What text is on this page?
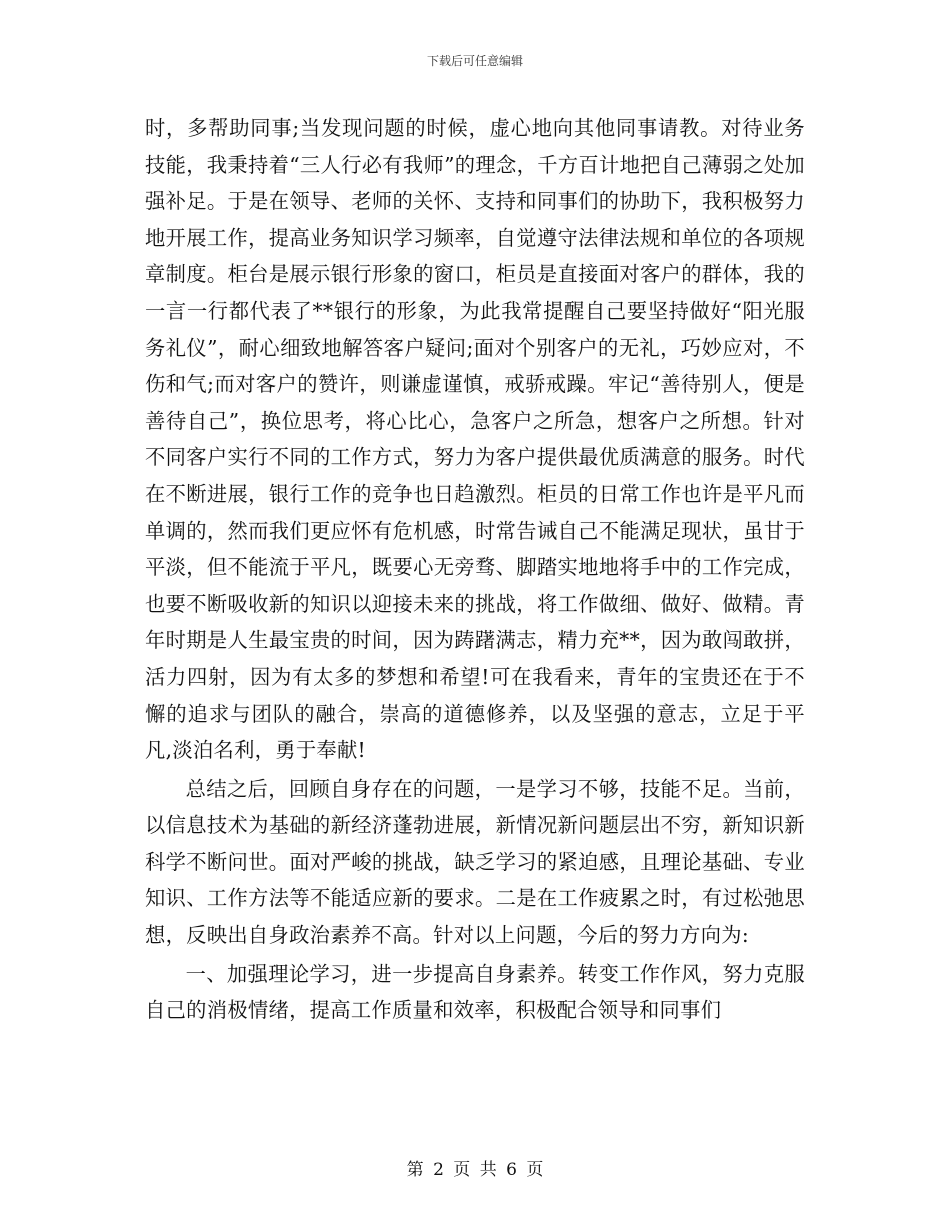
下载后可任意编辑

时，多帮助同事;当发现问题的时候，虚心地向其他同事请教。对待业务技能，我秉持着“三人行必有我师”的理念，千方百计地把自己薄弱之处加强补足。于是在领导、老师的关怀、支持和同事们的协助下，我积极努力地开展工作，提高业务知识学习频率，自觉遵守法律法规和单位的各项规章制度。柜台是展示银行形象的窗口，柜员是直接面对客户的群体，我的一言一行都代表了**银行的形象，为此我常提醒自己要坚持做好“阳光服务礼仪”，耐心细致地解答客户疑问;面对个别客户的无礼，巧妙应对，不伤和气;而对客户的赞许，则谦虚谨慎，戒骄戒躁。牢记“善待别人，便是善待自己”，换位思考，将心比心，急客户之所急，想客户之所想。针对不同客户实行不同的工作方式，努力为客户提供最优质满意的服务。时代在不断进展，银行工作的竞争也日趋激烈。柜员的日常工作也许是平凡而单调的，然而我们更应怀有危机感，时常告诫自己不能满足现状，虽甘于平淡，但不能流于平凡，既要心无旁骛、脚踏实地地将手中的工作完成，也要不断吸收新的知识以迎接未来的挑战，将工作做细、做好、做精。青年时期是人生最宝贵的时间，因为踌躇满志，精力充**，因为敢闯敢拼，活力四射，因为有太多的梦想和希望!可在我看来，青年的宝贵还在于不懈的追求与团队的融合，崇高的道德修养，以及坚强的意志，立足于平凡,淡泊名利，勇于奉献!

总结之后，回顾自身存在的问题，一是学习不够，技能不足。当前，以信息技术为基础的新经济蓬勃进展，新情况新问题层出不穷，新知识新科学不断问世。面对严峻的挑战，缺乏学习的紧迫感，且理论基础、专业知识、工作方法等不能适应新的要求。二是在工作疲累之时，有过松弛思想，反映出自身政治素养不高。针对以上问题，今后的努力方向为:

一、加强理论学习，进一步提高自身素养。转变工作作风，努力克服自己的消极情绪，提高工作质量和效率，积极配合领导和同事们

第 2 页 共 6 页
